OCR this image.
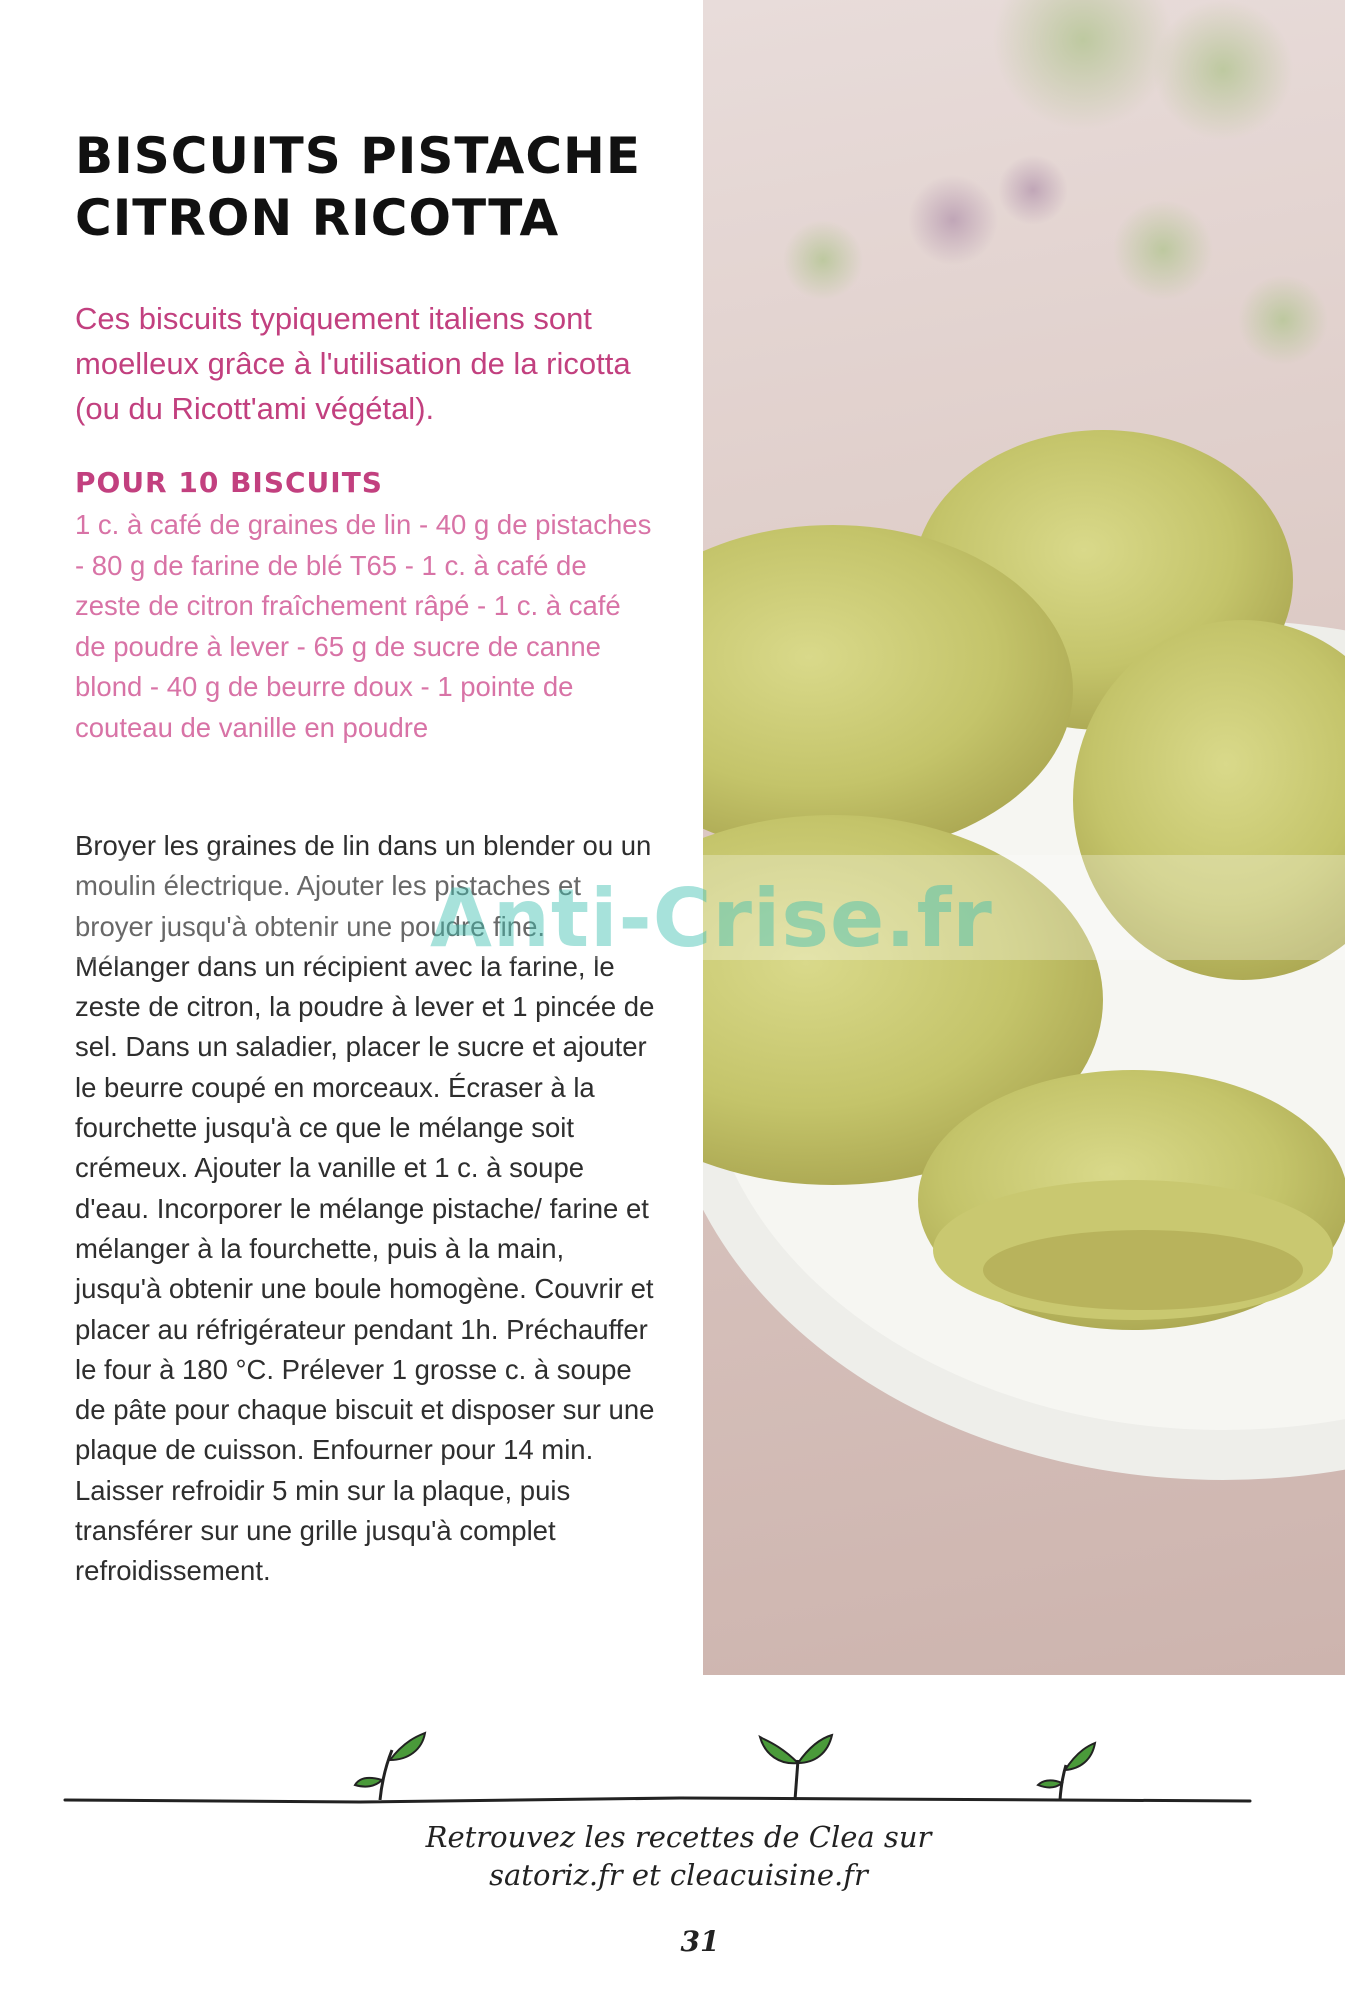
BISCUITS PISTACHE
CITRON RICOTTA

Ces biscuits typiquement italiens sont moelleux grâce à l'utilisation de la ricotta (ou du Ricott'ami végétal).

POUR 10 BISCUITS

1 c. à café de graines de lin - 40 g de pistaches - 80 g de farine de blé T65 - 1 c. à café de zeste de citron fraîchement râpé - 1 c. à café de poudre à lever - 65 g de sucre de canne blond - 40 g de beurre doux - 1 pointe de couteau de vanille en poudre

Broyer les graines de lin dans un blender ou un moulin électrique. Ajouter les pistaches et broyer jusqu'à obtenir une poudre fine. Mélanger dans un récipient avec la farine, le zeste de citron, la poudre à lever et 1 pincée de sel. Dans un saladier, placer le sucre et ajouter le beurre coupé en morceaux. Écraser à la fourchette jusqu'à ce que le mélange soit crémeux. Ajouter la vanille et 1 c. à soupe d'eau. Incorporer le mélange pistache/ farine et mélanger à la fourchette, puis à la main, jusqu'à obtenir une boule homogène. Couvrir et placer au réfrigérateur pendant 1h. Préchauffer le four à 180 °C. Prélever 1 grosse c. à soupe de pâte pour chaque biscuit et disposer sur une plaque de cuisson. Enfourner pour 14 min. Laisser refroidir 5 min sur la plaque, puis transférer sur une grille jusqu'à complet refroidissement.

Anti-Crise.fr
Retrouvez les recettes de Clea sur
satoriz.fr et cleacuisine.fr
31
